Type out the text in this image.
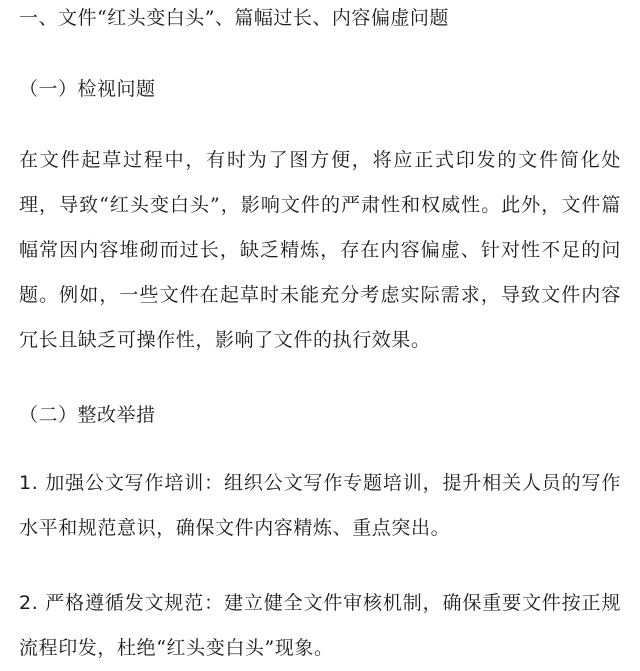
一、文件“红头变白头”、篇幅过长、内容偏虚问题
（一）检视问题
在文件起草过程中，有时为了图方便，将应正式印发的文件简化处理，导致“红头变白头”，影响文件的严肃性和权威性。此外，文件篇幅常因内容堆砌而过长，缺乏精炼，存在内容偏虚、针对性不足的问题。例如，一些文件在起草时未能充分考虑实际需求，导致文件内容冗长且缺乏可操作性，影响了文件的执行效果。
（二）整改举措
1. 加强公文写作培训：组织公文写作专题培训，提升相关人员的写作水平和规范意识，确保文件内容精炼、重点突出。
2. 严格遵循发文规范：建立健全文件审核机制，确保重要文件按正规流程印发，杜绝“红头变白头”现象。
